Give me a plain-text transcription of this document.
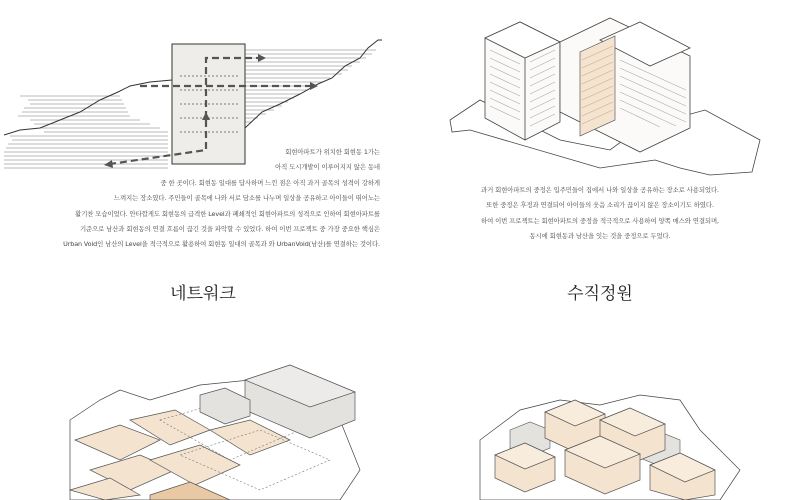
회현아파트가 위치한 회현동 1가는
아직 도시개발이 이루어지지 않은 동네
중 한 곳이다. 회현동 일대를 답사하며 느낀 점은 아직 과거 골목의 성격이 강하게
느껴지는 장소였다. 주민들이 골목에 나와 서로 담소를 나누며 일상을 공유하고 아이들이 뛰어노는
활기찬 모습이었다. 안타깝게도 회현동의 급격한 Level과 폐쇄적인 회현아파트의 성격으로 인하여 회현아파트를
기준으로 남산과 회현동의 연결 흐름이 끊긴 것을 파악할 수 있었다. 하여 이번 프로젝트 중 가장 중요한 핵심은
Urban Void인 남산의 Level을 적극적으로 활용하여 회현동 일대의 골목과 와 UrbanVoid(남산)를 연결하는 것이다.
과거 회현아파트의 중정은 입주민들이 집에서 나와 일상을 공유하는 장소로 사용되었다.
또한 중정은 후정과 연결되어 아이들의 웃음 소리가 끊이지 않은 장소이기도 하였다.
하여 이번 프로젝트는 회현아파트의 중정을 적극적으로 사용하여 양쪽 매스와 연결되며,
동시에 회현동과 남산을 잇는 것을 중정으로 두었다.
네트워크	수직정원
